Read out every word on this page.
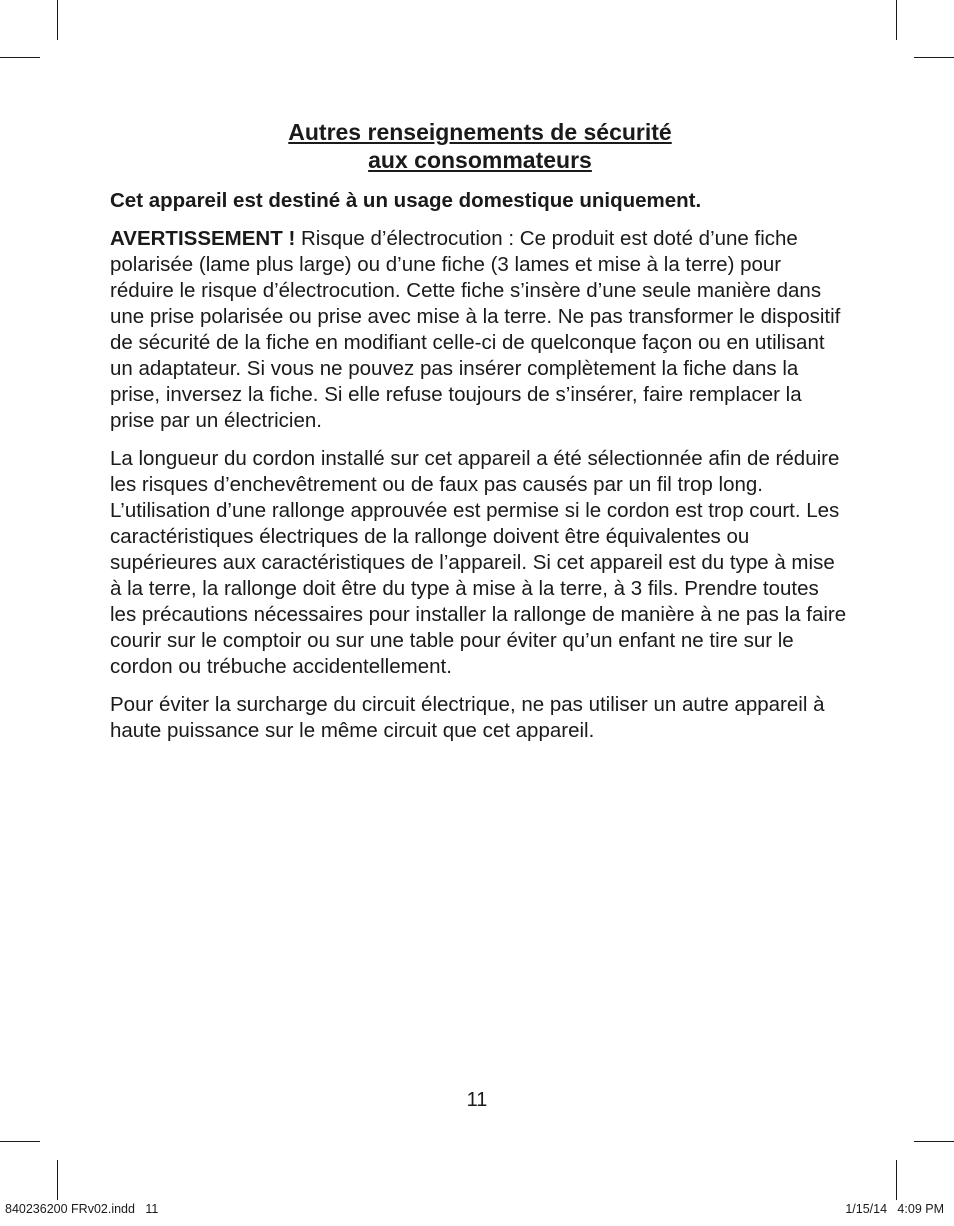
Autres renseignements de sécurité
aux consommateurs

Cet appareil est destiné à un usage domestique uniquement.

AVERTISSEMENT ! Risque d’électrocution : Ce produit est doté d’une fiche polarisée (lame plus large) ou d’une fiche (3 lames et mise à la terre) pour réduire le risque d’électrocution. Cette fiche s’insère d’une seule manière dans une prise polarisée ou prise avec mise à la terre. Ne pas transformer le dispositif de sécurité de la fiche en modifiant celle-ci de quelconque façon ou en utilisant un adaptateur. Si vous ne pouvez pas insérer complètement la fiche dans la prise, inversez la fiche. Si elle refuse toujours de s’insérer, faire remplacer la prise par un électricien.

La longueur du cordon installé sur cet appareil a été sélectionnée afin de réduire les risques d’enchevêtrement ou de faux pas causés par un fil trop long. L’utilisation d’une rallonge approuvée est permise si le cordon est trop court. Les caractéristiques électriques de la rallonge doivent être équivalentes ou supérieures aux caractéristiques de l’appareil. Si cet appareil est du type à mise à la terre, la rallonge doit être du type à mise à la terre, à 3 fils. Prendre toutes les précautions nécessaires pour installer la rallonge de manière à ne pas la faire courir sur le comptoir ou sur une table pour éviter qu’un enfant ne tire sur le cordon ou trébuche accidentellement.

Pour éviter la surcharge du circuit électrique, ne pas utiliser un autre appareil à haute puissance sur le même circuit que cet appareil.

11
840236200 FRv02.indd   11	1/15/14   4:09 PM
